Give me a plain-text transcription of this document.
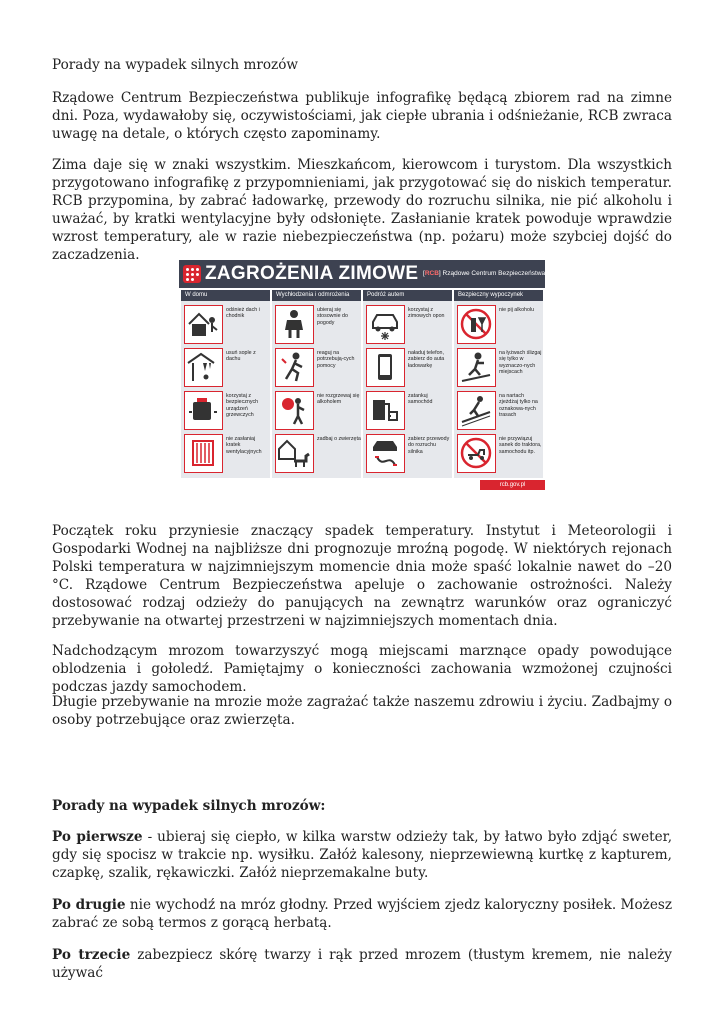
Porady na wypadek silnych mrozów

Rządowe Centrum Bezpieczeństwa publikuje infografikę będącą zbiorem rad na zimne dni. Poza, wydawałoby się, oczywistościami, jak ciepłe ubrania i odśnieżanie, RCB zwraca uwagę na detale, o których często zapominamy.

Zima daje się w znaki wszystkim. Mieszkańcom, kierowcom i turystom. Dla wszystkich przygotowano infografikę z przypomnieniami, jak przygotować się do niskich temperatur. RCB przypomina, by zabrać ładowarkę, przewody do rozruchu silnika, nie pić alkoholu i uważać, by kratki wentylacyjne były odsłonięte. Zasłanianie kratek powoduje wprawdzie wzrost temperatury, ale w razie niebezpieczeństwa (np. pożaru) może szybciej dojść do zaczadzenia.

Początek roku przyniesie znaczący spadek temperatury. Instytut i Meteorologii i Gospodarki Wodnej na najbliższe dni prognozuje mroźną pogodę. W niektórych rejonach Polski temperatura w najzimniejszym momencie dnia może spaść lokalnie nawet do –20 °C. Rządowe Centrum Bezpieczeństwa apeluje o zachowanie ostrożności. Należy dostosować rodzaj odzieży do panujących na zewnątrz warunków oraz ograniczyć przebywanie na otwartej przestrzeni w najzimniejszych momentach dnia.

Nadchodzącym mrozom towarzyszyć mogą miejscami marznące opady powodujące oblodzenia i gołoledź. Pamiętajmy o konieczności zachowania wzmożonej czujności podczas jazdy samochodem.

Długie przebywanie na mrozie może zagrażać także naszemu zdrowiu i życiu. Zadbajmy o osoby potrzebujące oraz zwierzęta.

Porady na wypadek silnych mrozów:

Po pierwsze - ubieraj się ciepło, w kilka warstw odzieży tak, by łatwo było zdjąć sweter, gdy się spocisz w trakcie np. wysiłku. Załóż kalesony, nieprzewiewną kurtkę z kapturem, czapkę, szalik, rękawiczki. Załóż nieprzemakalne buty.

Po drugie nie wychodź na mróz głodny. Przed wyjściem zjedz kaloryczny posiłek. Możesz zabrać ze sobą termos z gorącą herbatą.

Po trzecie zabezpiecz skórę twarzy i rąk przed mrozem (tłustym kremem, nie należy używać

ZAGROŻENIA ZIMOWE [RCB] Rządowe Centrum Bezpieczeństwa
W domu
odśnież dach i chodnik
usuń sople z dachu
korzystaj z bezpiecznych urządzeń grzewczych
nie zasłaniaj kratek wentylacyjnych
Wychłodzenia i odmrożenia
ubieraj się stosownie do pogody
reaguj na potrzebują-cych pomocy
nie rozgrzewaj się alkoholem
zadbaj o zwierzęta
Podróż autem
korzystaj z zimowych opon
naładuj telefon, zabierz do auta ładowarkę
zatankuj samochód
zabierz przewody do rozruchu silnika
Bezpieczny wypoczynek
nie pij alkoholu
na łyżwach ślizgaj się tylko w wyznaczo-nych miejscach
na nartach zjeżdżaj tylko na oznakowa-nych trasach
nie przywiązuj sanek do traktora, samochodu itp.
rcb.gov.pl
